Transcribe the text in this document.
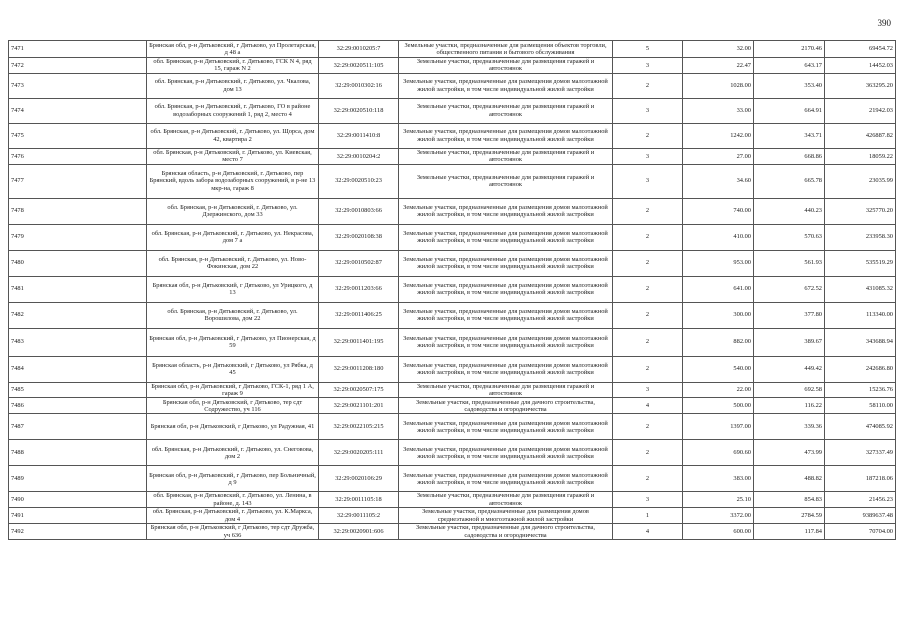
390
7471	Брянская обл, р-н Дятьковский, г Дятьково, ул Пролетарская, д 48 а	32:29:0010205:7	Земельные участки, предназначенные для размещения объектов торговли, общественного питания и бытового обслуживания	5	32.00	2170.46	69454.72
7472	обл. Брянская, р-н Дятьковский, г. Дятьково, ГСК N 4, ряд 15, гараж N 2	32:29:0020511:105	Земельные участки, предназначенные для размещения гаражей и автостоянок	3	22.47	643.17	14452.03
7473	обл. Брянская, р-н Дятьковский, г. Дятьково, ул. Чкалова, дом 13	32:29:0010302:16	Земельные участки, предназначенные для размещения домов малоэтажной жилой застройки, в том числе индивидуальной жилой застройки	2	1028.00	353.40	363295.20
7474	обл. Брянская, р-н Дятьковский, г. Дятьково, ГО в районе водозаборных сооружений 1, ряд 2, место 4	32:29:0020510:118	Земельные участки, предназначенные для размещения гаражей и автостоянок	3	33.00	664.91	21942.03
7475	обл. Брянская, р-н Дятьковский, г. Дятьково, ул. Щорса, дом 42, квартира 2	32:29:0011410:8	Земельные участки, предназначенные для размещения домов малоэтажной жилой застройки, в том числе индивидуальной жилой застройки	2	1242.00	343.71	426887.82
7476	обл. Брянская, р-н Дятьковский, г. Дятьково, ул. Киевская, место 7	32:29:0010204:2	Земельные участки, предназначенные для размещения гаражей и автостоянок	3	27.00	668.86	18059.22
7477	Брянская область, р-н Дятьковский, г. Дятьково, пер Брянский, вдоль забора водозаборных сооружений, в р-не 13 мкр-на, гараж 8	32:29:0020510:23	Земельные участки, предназначенные для размещения гаражей и автостоянок	3	34.60	665.78	23035.99
7478	обл. Брянская, р-н Дятьковский, г. Дятьково, ул. Дзержинского, дом 33	32:29:0010803:66	Земельные участки, предназначенные для размещения домов малоэтажной жилой застройки, в том числе индивидуальной жилой застройки	2	740.00	440.23	325770.20
7479	обл. Брянская, р-н Дятьковский, г. Дятьково, ул. Некрасова, дом 7 а	32:29:0020108:38	Земельные участки, предназначенные для размещения домов малоэтажной жилой застройки, в том числе индивидуальной жилой застройки	2	410.00	570.63	233958.30
7480	обл. Брянская, р-н Дятьковский, г. Дятьково, ул. Ново-Фокинская, дом 22	32:29:0010502:87	Земельные участки, предназначенные для размещения домов малоэтажной жилой застройки, в том числе индивидуальной жилой застройки	2	953.00	561.93	535519.29
7481	Брянская обл, р-н Дятьковский, г Дятьково, ул Урицкого, д 13	32:29:0011203:66	Земельные участки, предназначенные для размещения домов малоэтажной жилой застройки, в том числе индивидуальной жилой застройки	2	641.00	672.52	431085.32
7482	обл. Брянская, р-н Дятьковский, г. Дятьково, ул. Ворошилова, дом 22	32:29:0011406:25	Земельные участки, предназначенные для размещения домов малоэтажной жилой застройки, в том числе индивидуальной жилой застройки	2	300.00	377.80	113340.00
7483	Брянская обл, р-н Дятьковский, г Дятьково, ул Пионерская, д 59	32:29:0011401:195	Земельные участки, предназначенные для размещения домов малоэтажной жилой застройки, в том числе индивидуальной жилой застройки	2	882.00	389.67	343688.94
7484	Брянская область, р-н Дятьковский, г Дятьково, ул Рябка, д 45	32:29:0011208:180	Земельные участки, предназначенные для размещения домов малоэтажной жилой застройки, в том числе индивидуальной жилой застройки	2	540.00	449.42	242686.80
7485	Брянская обл, р-н Дятьковский, г Дятьково, ГСК-1, ряд 1 А, гараж 9	32:29:0020507:175	Земельные участки, предназначенные для размещения гаражей и автостоянок	3	22.00	692.58	15236.76
7486	Брянская обл, р-н Дятьковский, г Дятьково, тер сдт Содружество, уч 116	32:29:0021101:201	Земельные участки, предназначенные для дачного строительства, садоводства и огородничества	4	500.00	116.22	58110.00
7487	Брянская обл, р-н Дятьковский, г Дятьково, ул Радужная, 41	32:29:0022105:215	Земельные участки, предназначенные для размещения домов малоэтажной жилой застройки, в том числе индивидуальной жилой застройки	2	1397.00	339.36	474085.92
7488	обл. Брянская, р-н Дятьковский, г. Дятьково, ул. Снеговова, дом 2	32:29:0020205:111	Земельные участки, предназначенные для размещения домов малоэтажной жилой застройки, в том числе индивидуальной жилой застройки	2	690.60	473.99	327337.49
7489	Брянская обл, р-н Дятьковский, г Дятьково, пер Больничный, д 9	32:29:0020106:29	Земельные участки, предназначенные для размещения домов малоэтажной жилой застройки, в том числе индивидуальной жилой застройки	2	383.00	488.82	187218.06
7490	обл. Брянская, р-н Дятьковский, г. Дятьково, ул. Ленина, в районе, д. 143	32:29:0011105:18	Земельные участки, предназначенные для размещения гаражей и автостоянок	3	25.10	854.83	21456.23
7491	обл. Брянская, р-н Дятьковский, г. Дятьково, ул. К.Маркса, дом 4	32:29:0011105:2	Земельные участки, предназначенные для размещения домов среднеэтажной и многоэтажной жилой застройки	1	3372.00	2784.59	9389637.48
7492	Брянская обл, р-н Дятьковский, г Дятьково, тер сдт Дружба, уч 636	32:29:0020901:606	Земельные участки, предназначенные для дачного строительства, садоводства и огородничества	4	600.00	117.84	70704.00
